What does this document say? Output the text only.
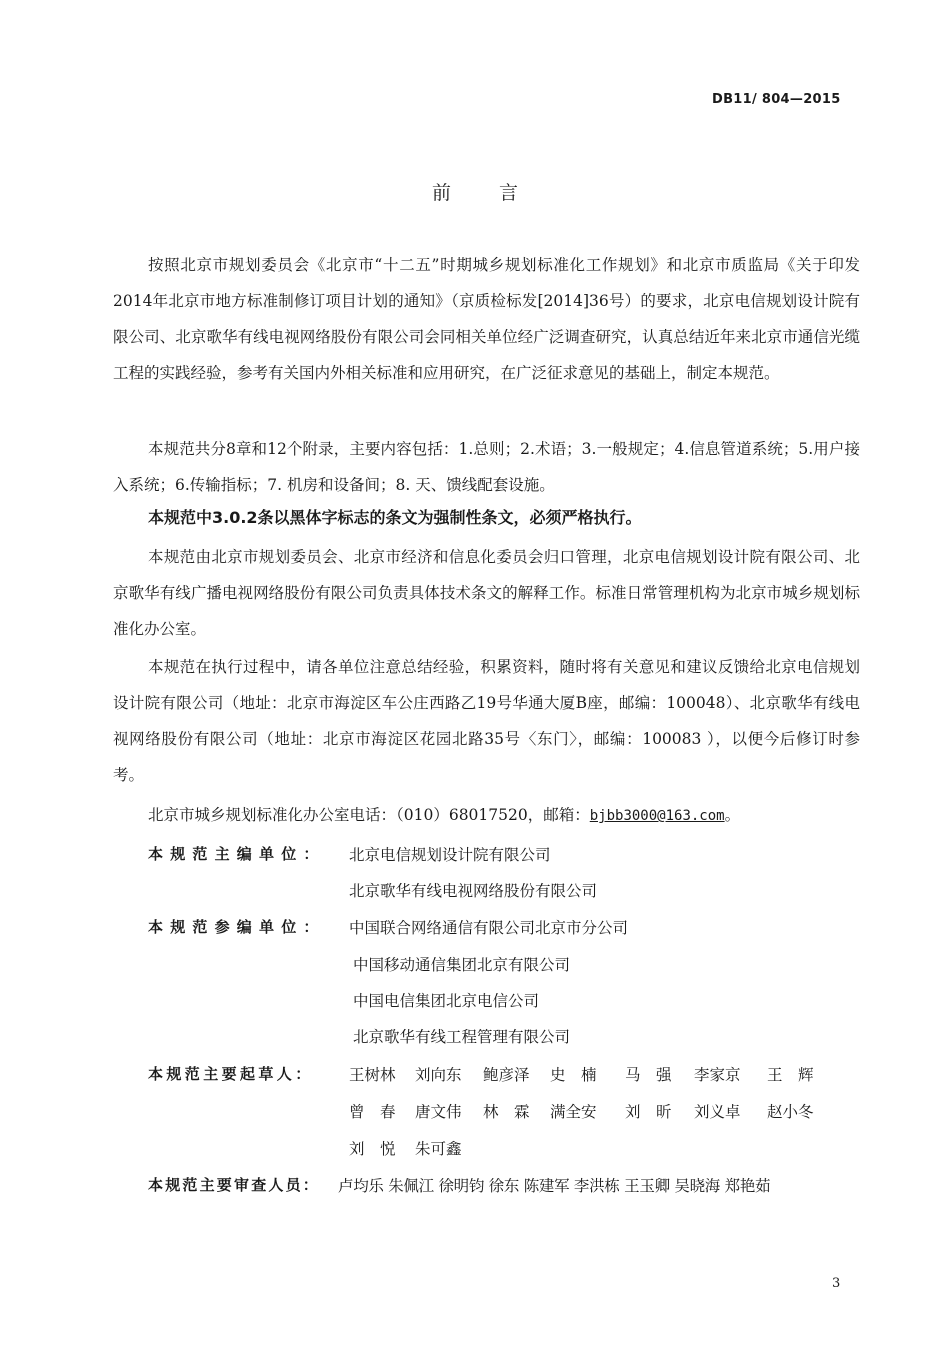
DB11/ 804—2015
前言

按照北京市规划委员会《北京市“十二五”时期城乡规划标准化工作规划》和北京市质监局《关于印发2014年北京市地方标准制修订项目计划的通知》（京质检标发[2014]36号）的要求，北京电信规划设计院有限公司、北京歌华有线电视网络股份有限公司会同相关单位经广泛调查研究，认真总结近年来北京市通信光缆工程的实践经验，参考有关国内外相关标准和应用研究，在广泛征求意见的基础上，制定本规范。

本规范共分8章和12个附录，主要内容包括：1.总则；2.术语；3.一般规定；4.信息管道系统；5.用户接入系统；6.传输指标；7. 机房和设备间；8. 天、馈线配套设施。

本规范中3.0.2条以黑体字标志的条文为强制性条文，必须严格执行。

本规范由北京市规划委员会、北京市经济和信息化委员会归口管理，北京电信规划设计院有限公司、北京歌华有线广播电视网络股份有限公司负责具体技术条文的解释工作。标准日常管理机构为北京市城乡规划标准化办公室。

本规范在执行过程中，请各单位注意总结经验，积累资料，随时将有关意见和建议反馈给北京电信规划设计院有限公司（地址：北京市海淀区车公庄西路乙19号华通大厦B座，邮编：100048）、北京歌华有线电视网络股份有限公司（地址：北京市海淀区花园北路35号〈东门〉，邮编：100083 ），以便今后修订时参考。

北京市城乡规划标准化办公室电话：（010）68017520，邮箱：bjbb3000@163.com。
本规范主编单位： 北京电信规划设计院有限公司
北京歌华有线电视网络股份有限公司
本规范参编单位： 中国联合网络通信有限公司北京市分公司
中国移动通信集团北京有限公司
中国电信集团北京电信公司
北京歌华有线工程管理有限公司
本规范主要起草人： 王树林 刘向东 鲍彦泽 史　楠 马　强 李家京 王　辉
曾　春 唐文伟 林　霖 满全安 刘　昕 刘义卓 赵小冬
刘　悦 朱可鑫
本规范主要审查人员： 卢均乐 朱佩江 徐明钧 徐东 陈建军 李洪栋 王玉卿 吴晓海 郑艳茹
3
